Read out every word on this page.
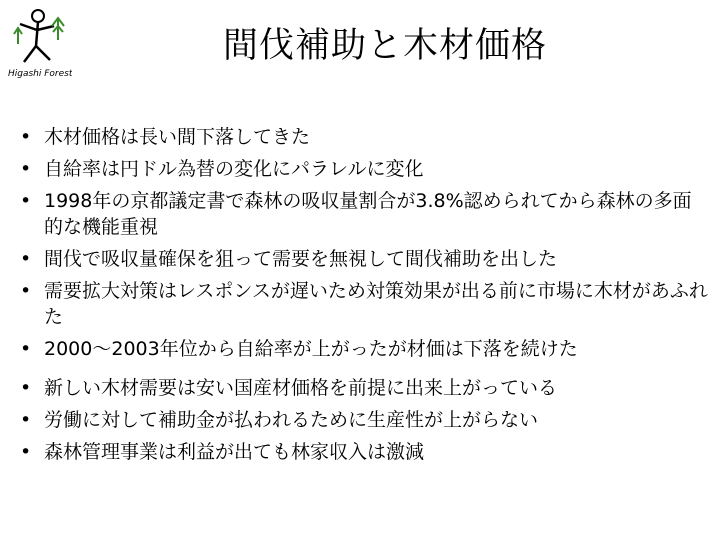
Higashi Forests
間伐補助と木材価格
• 木材価格は長い間下落してきた
• 自給率は円ドル為替の変化にパラレルに変化
• 1998年の京都議定書で森林の吸収量割合が3.8%認められてから森林の多面的な機能重視
• 間伐で吸収量確保を狙って需要を無視して間伐補助を出した
• 需要拡大対策はレスポンスが遅いため対策効果が出る前に市場に木材があふれた
• 2000～2003年位から自給率が上がったが材価は下落を続けた
• 新しい木材需要は安い国産材価格を前提に出来上がっている
• 労働に対して補助金が払われるために生産性が上がらない
• 森林管理事業は利益が出ても林家収入は激減
